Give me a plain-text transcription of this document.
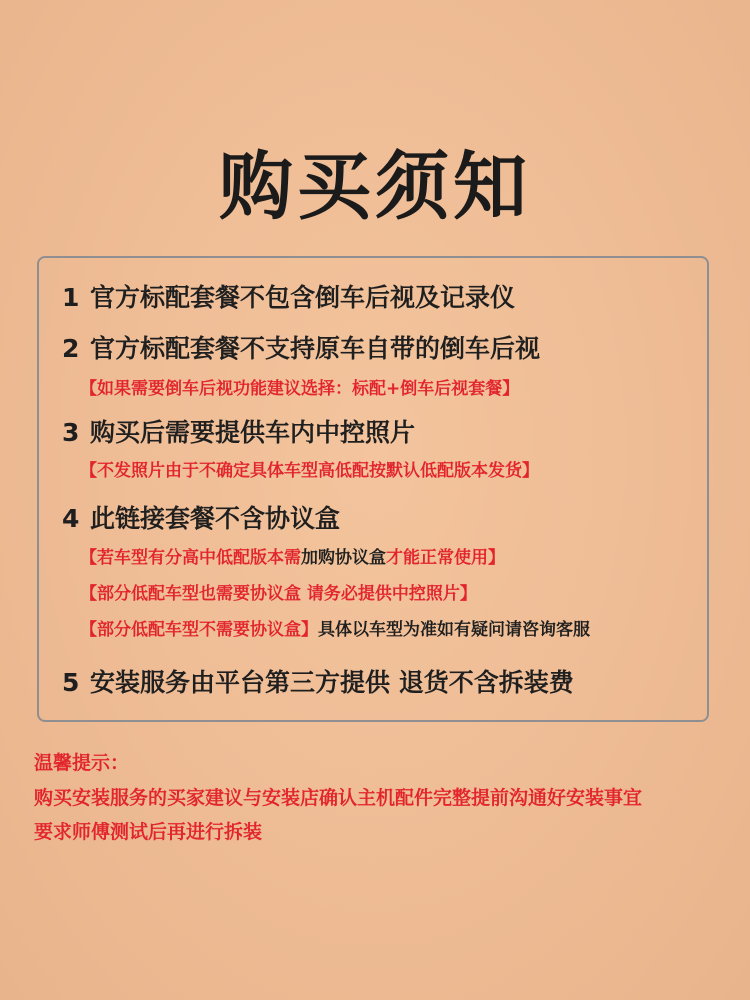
购买须知
1 官方标配套餐不包含倒车后视及记录仪
2 官方标配套餐不支持原车自带的倒车后视
【如果需要倒车后视功能建议选择：标配+倒车后视套餐】
3 购买后需要提供车内中控照片
【不发照片由于不确定具体车型高低配按默认低配版本发货】
4 此链接套餐不含协议盒
【若车型有分高中低配版本需加购协议盒才能正常使用】
【部分低配车型也需要协议盒 请务必提供中控照片】
【部分低配车型不需要协议盒】具体以车型为准如有疑问请咨询客服
5 安装服务由平台第三方提供 退货不含拆装费
温馨提示：
购买安装服务的买家建议与安装店确认主机配件完整提前沟通好安装事宜
要求师傅测试后再进行拆装
